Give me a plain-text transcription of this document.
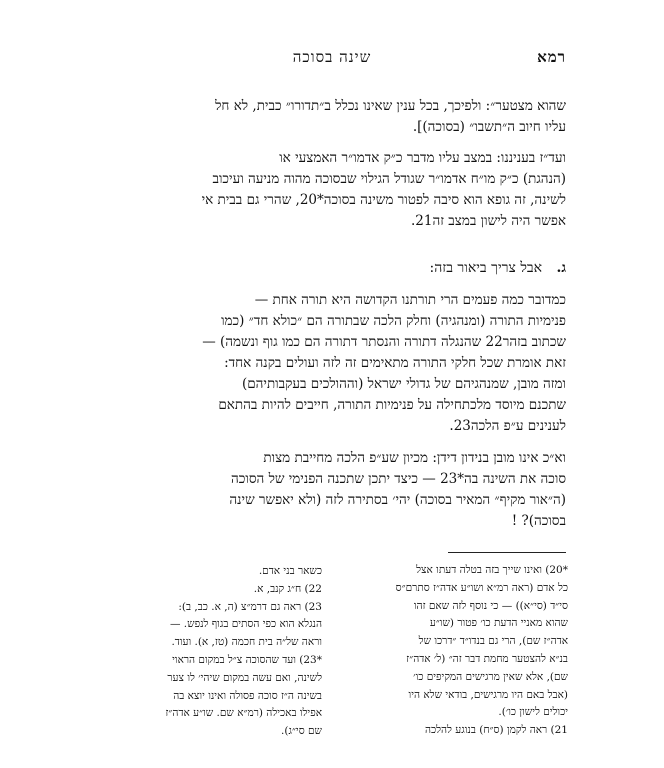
רמא
שינה בסוכה
שהוא מצטער״: ולפיכך, בכל ענין שאינו נכלל ב״תדורו״ כבית, לא חל
עליו חיוב ה״תשבו״ (בסוכה)].
ועד״ז בעניננו: במצב עליו מדבר כ״ק אדמו״ר האמצעי או
(הנהגת) כ״ק מו״ח אדמו״ר שגודל הגילוי שבסוכה מהוה מניעה ועיכוב
לשינה, זה גופא הוא סיבה לפטור משינה בסוכה*20, שהרי גם בבית אי
אפשר היה לישון במצב זה21.
ג. אבל צריך ביאור בזה:
כמדובר כמה פעמים הרי תורתנו הקדושה היא תורה אחת —
פנימיות התורה (ומנהגיה) וחלק הלכה שבתורה הם ״כולא חד״ (כמו
שכתוב בזהר22 שהנגלה דתורה והנסתר דתורה הם כמו גוף ונשמה) —
זאת אומרת שכל חלקי התורה מתאימים זה לזה ועולים בקנה אחד:
ומזה מובן, שמנהגיהם של גדולי ישראל (וההולכים בעקבותיהם)
שתכנם מיוסד מלכתחילה על פנימיות התורה, חייבים להיות בהתאם
לענינים ע״פ הלכה23.
וא״כ אינו מובן בנידון דידן: מכיון שע״פ הלכה מחייבת מצות
סוכה את השינה בה*23 — כיצד יתכן שתכנה הפנימי של הסוכה
(ה״אור מקיף״ המאיר בסוכה) יהי׳ בסתירה לזה (ולא יאפשר שינה
בסוכה)? !
*20) ואינו שייך בזה בטלה דעתו אצל
כל אדם (ראה רמ״א ושו״ע אדה״ז סתרם״ס
סי״ד (סי״א)) — כי נוסף לזה שאם זהו
שהוא מאניי הדעת כו׳ פטור (שו״ע
אדה״ז שם), הרי גם בנדו״ד ״דרכו של
בנ״א להצטער מחמת דבר זה״ (ל׳ אדה״ז
שם), אלא שאין מרגישים המקיפים כו׳
(אבל באם היו מרגישים, בודאי שלא היו
יכולים לישון כו׳).
21) ראה לקמן (ס״ח) בנוגע להלכה
כשאר בני אדם.
22) ח״ג קנב, א.
23) ראה גם דרמ״צ (ה, א. כב, ב):
הנגלא הוא כפי הסתים בגוף לנפש. —
וראה של״ה בית חכמה (טז, א). ועוד.
*23) ועד שהסוכה צ״ל במקום הראוי
לשינה, ואם עשה במקום שיהי׳ לו צער
בשינה ה״ז סוכה פסולה ואינו יוצא בה
אפילו באכילה (רמ״א שם. שו״ע אדה״ז
שם סי״ג).
